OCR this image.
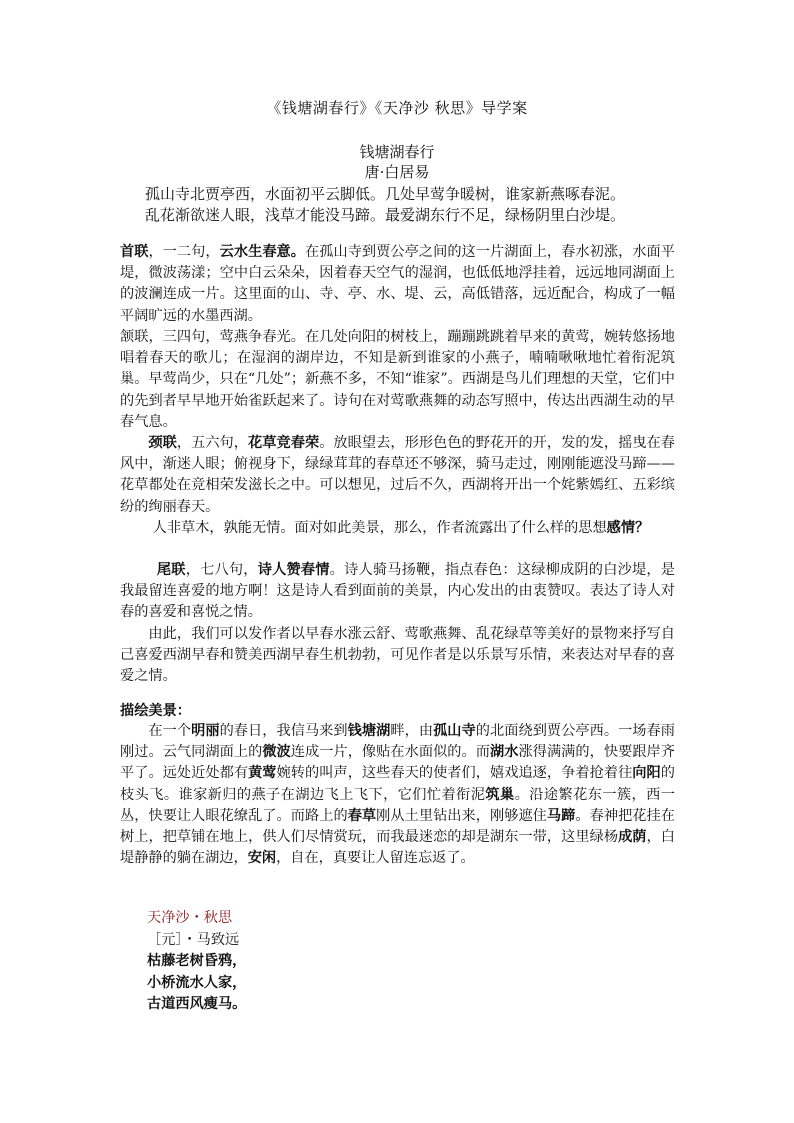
《钱塘湖春行》《天净沙 秋思》导学案
钱塘湖春行
唐·白居易
孤山寺北贾亭西，水面初平云脚低。几处早莺争暖树，谁家新燕啄春泥。
乱花渐欲迷人眼，浅草才能没马蹄。最爱湖东行不足，绿杨阴里白沙堤。

首联，一二句，云水生春意。在孤山寺到贾公亭之间的这一片湖面上，春水初涨，水面平堤，微波荡漾；空中白云朵朵，因着春天空气的湿润，也低低地浮挂着，远远地同湖面上的波澜连成一片。这里面的山、寺、亭、水、堤、云，高低错落，远近配合，构成了一幅平阔旷远的水墨西湖。

颔联，三四句，莺燕争春光。在几处向阳的树枝上，蹦蹦跳跳着早来的黄莺，婉转悠扬地唱着春天的歌儿；在湿润的湖岸边，不知是新到谁家的小燕子，喃喃啾啾地忙着衔泥筑巢。早莺尚少，只在“几处”；新燕不多，不知“谁家”。西湖是鸟儿们理想的天堂，它们中的先到者早早地开始雀跃起来了。诗句在对莺歌燕舞的动态写照中，传达出西湖生动的早春气息。

颈联，五六句，花草竞春荣。放眼望去，形形色色的野花开的开，发的发，摇曳在春风中，渐迷人眼；俯视身下，绿绿茸茸的春草还不够深，骑马走过，刚刚能遮没马蹄——花草都处在竞相荣发滋长之中。可以想见，过后不久，西湖将开出一个姹紫嫣红、五彩缤纷的绚丽春天。

人非草木，孰能无情。面对如此美景，那么，作者流露出了什么样的思想感情？

尾联，七八句，诗人赞春情。诗人骑马扬鞭，指点春色：这绿柳成阴的白沙堤，是我最留连喜爱的地方啊！这是诗人看到面前的美景，内心发出的由衷赞叹。表达了诗人对春的喜爱和喜悦之情。

由此，我们可以发作者以早春水涨云舒、莺歌燕舞、乱花绿草等美好的景物来抒写自己喜爱西湖早春和赞美西湖早春生机勃勃，可见作者是以乐景写乐情，来表达对早春的喜爱之情。

描绘美景：

在一个明丽的春日，我信马来到钱塘湖畔，由孤山寺的北面绕到贾公亭西。一场春雨刚过。云气同湖面上的微波连成一片，像贴在水面似的。而湖水涨得满满的，快要跟岸齐平了。远处近处都有黄莺婉转的叫声，这些春天的使者们，嬉戏追逐，争着抢着往向阳的枝头飞。谁家新归的燕子在湖边飞上飞下，它们忙着衔泥筑巢。沿途繁花东一簇，西一丛，快要让人眼花缭乱了。而路上的春草刚从土里钻出来，刚够遮住马蹄。春神把花挂在树上，把草铺在地上，供人们尽情赏玩，而我最迷恋的却是湖东一带，这里绿杨成荫，白堤静静的躺在湖边，安闲，自在，真要让人留连忘返了。

天净沙・秋思
［元］・马致远
枯藤老树昏鸦，
小桥流水人家，
古道西风瘦马。
